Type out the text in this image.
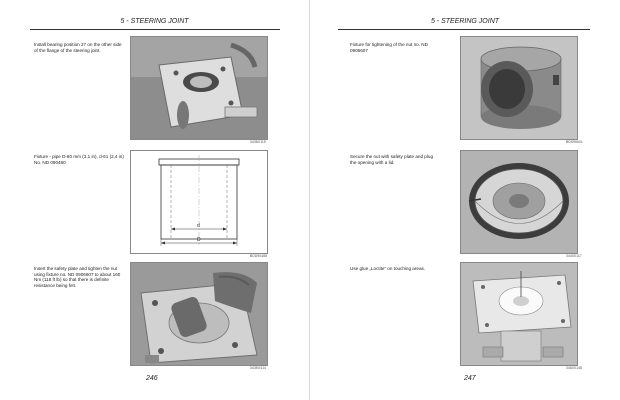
5 - STEERING JOINT
Install bearing position 27 on the other side of the flange of the steering joint.
3438X115
Fixture - pipe D-80 mm (3,1 in), d-61 (2,4 in) No. ND 090480
d
D
BDD90488
Insert the safety plate and tighten the nut using fixture no. ND 0906607 to about 160 Nm (118 ft lb) so that there is definite resistance being felt.
3435X414
246
5 - STEERING JOINT
Fixture for tightening of the nut no. ND 0906607
BDS96601
Secure the nut with safety plate and plug the opening with a lid.
3440X117
Use glue „Loctite“ on touching areas.
3460X148
247
